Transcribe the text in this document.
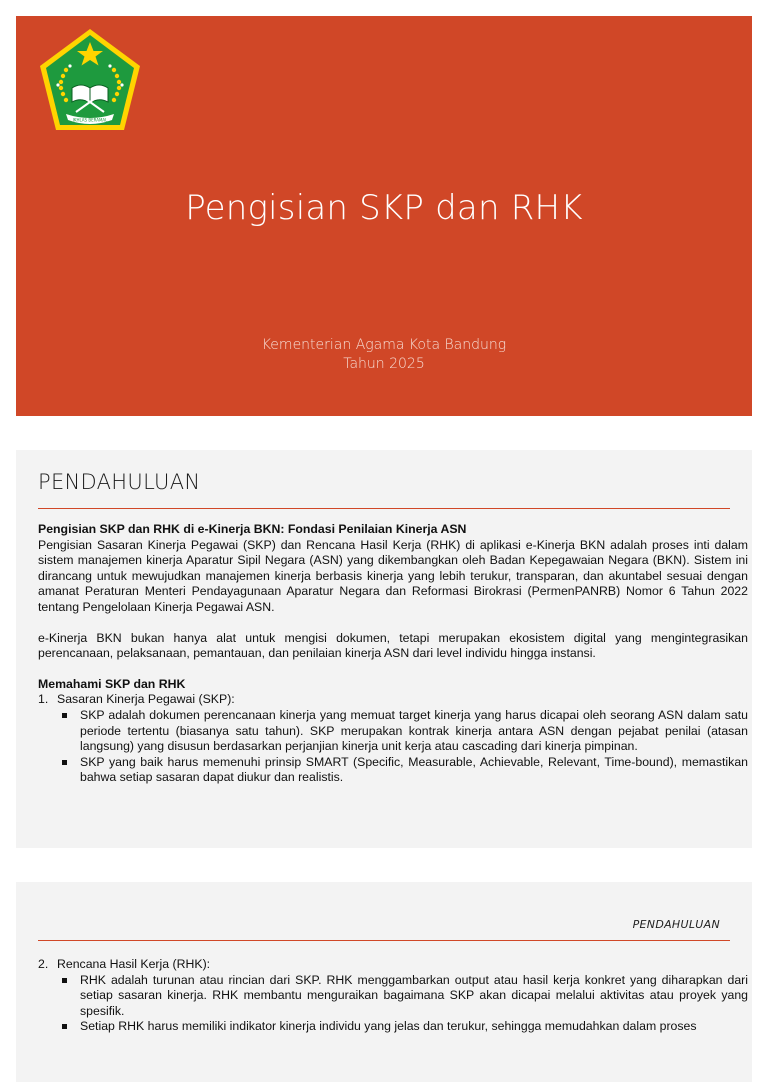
IKHLAS BERAMAL
Pengisian SKP dan RHK
Kementerian Agama Kota Bandung
Tahun 2025
PENDAHULUAN

Pengisian SKP dan RHK di e-Kinerja BKN: Fondasi Penilaian Kinerja ASN

Pengisian Sasaran Kinerja Pegawai (SKP) dan Rencana Hasil Kerja (RHK) di aplikasi e-Kinerja BKN adalah proses inti dalam sistem manajemen kinerja Aparatur Sipil Negara (ASN) yang dikembangkan oleh Badan Kepegawaian Negara (BKN). Sistem ini dirancang untuk mewujudkan manajemen kinerja berbasis kinerja yang lebih terukur, transparan, dan akuntabel sesuai dengan amanat Peraturan Menteri Pendayagunaan Aparatur Negara dan Reformasi Birokrasi (PermenPANRB) Nomor 6 Tahun 2022 tentang Pengelolaan Kinerja Pegawai ASN.

e-Kinerja BKN bukan hanya alat untuk mengisi dokumen, tetapi merupakan ekosistem digital yang mengintegrasikan perencanaan, pelaksanaan, pemantauan, dan penilaian kinerja ASN dari level individu hingga instansi.

Memahami SKP dan RHK

1. Sasaran Kinerja Pegawai (SKP):
SKP adalah dokumen perencanaan kinerja yang memuat target kinerja yang harus dicapai oleh seorang ASN dalam satu periode tertentu (biasanya satu tahun). SKP merupakan kontrak kinerja antara ASN dengan pejabat penilai (atasan langsung) yang disusun berdasarkan perjanjian kinerja unit kerja atau cascading dari kinerja pimpinan.
SKP yang baik harus memenuhi prinsip SMART (Specific, Measurable, Achievable, Relevant, Time-bound), memastikan bahwa setiap sasaran dapat diukur dan realistis.
PENDAHULUAN
2. Rencana Hasil Kerja (RHK):
RHK adalah turunan atau rincian dari SKP. RHK menggambarkan output atau hasil kerja konkret yang diharapkan dari setiap sasaran kinerja. RHK membantu menguraikan bagaimana SKP akan dicapai melalui aktivitas atau proyek yang spesifik.
Setiap RHK harus memiliki indikator kinerja individu yang jelas dan terukur, sehingga memudahkan dalam proses
